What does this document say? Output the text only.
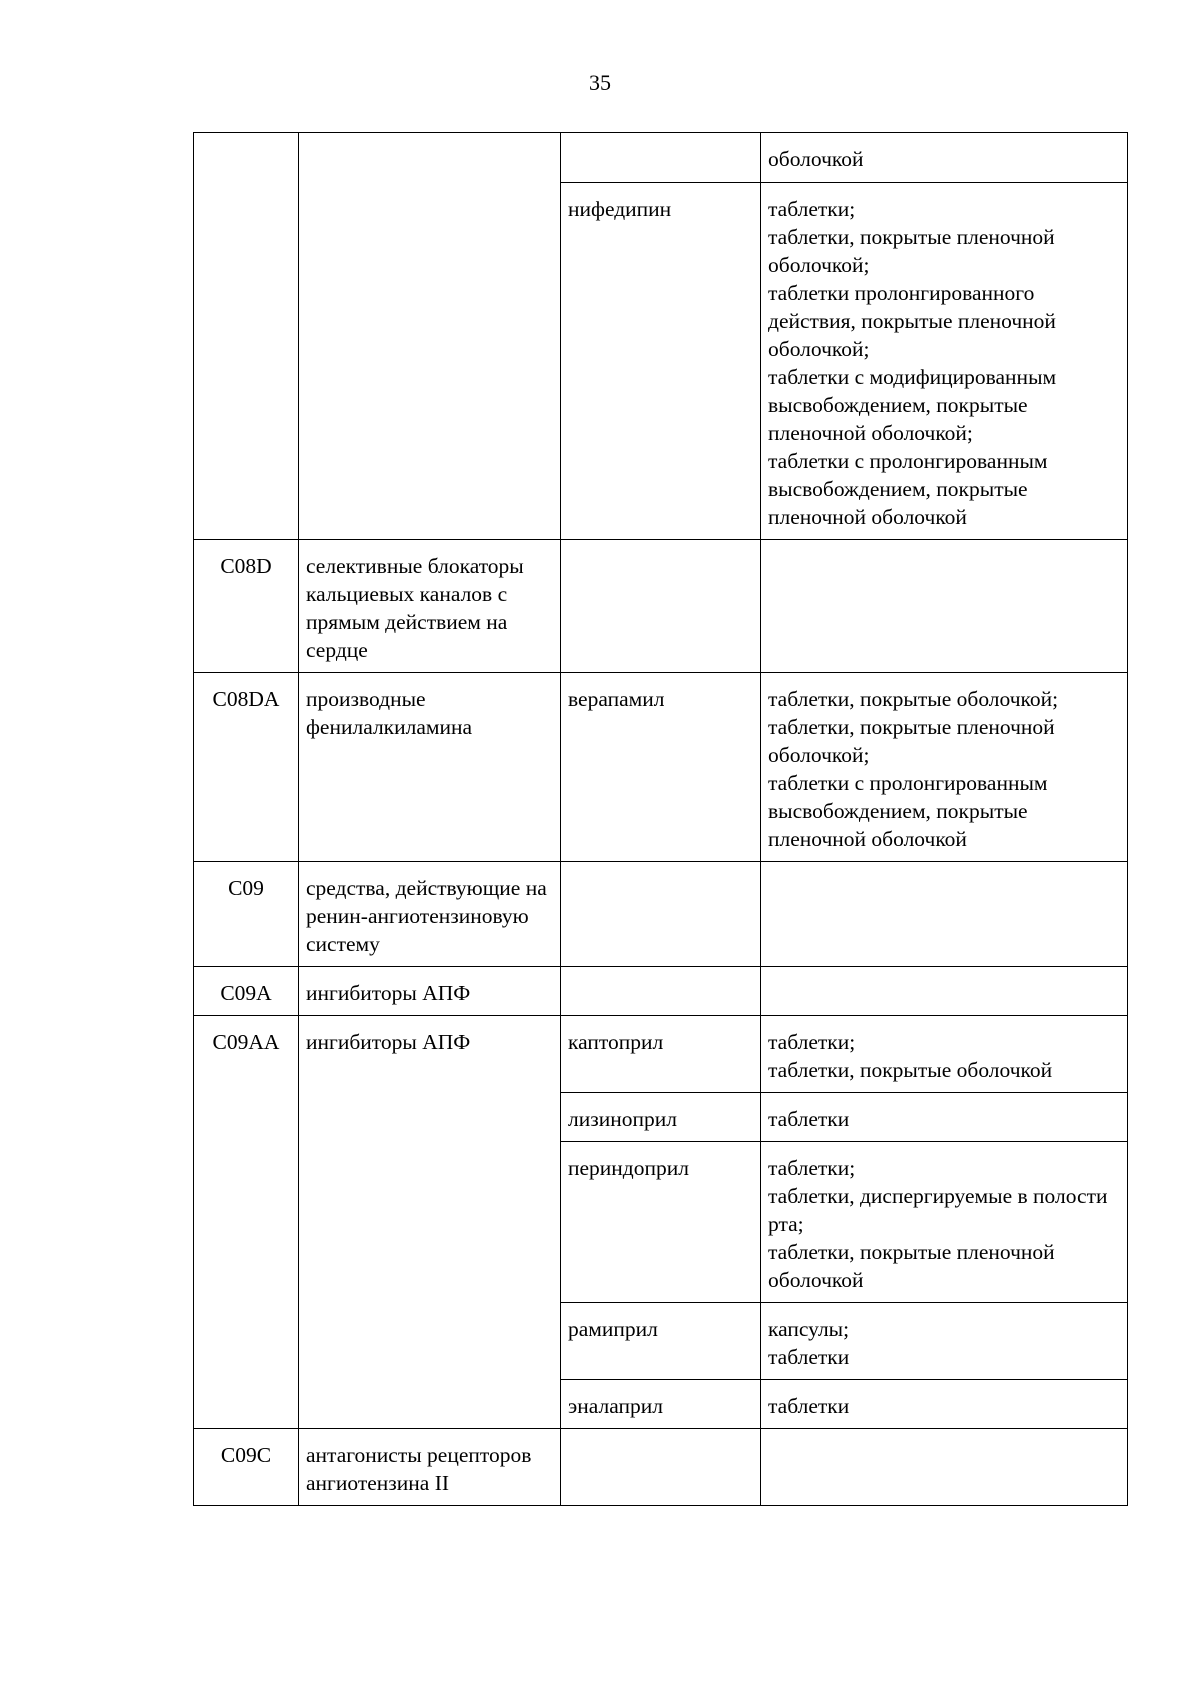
35
			оболочкой
		нифедипин	таблетки;
таблетки, покрытые пленочной оболочкой;
таблетки пролонгированного действия, покрытые пленочной оболочкой;
таблетки с модифицированным высвобождением, покрытые пленочной оболочкой;
таблетки с пролонгированным высвобождением, покрытые пленочной оболочкой
C08D	селективные блокаторы кальциевых каналов с прямым действием на сердце		
C08DA	производные фенилалкиламина	верапамил	таблетки, покрытые оболочкой;
таблетки, покрытые пленочной оболочкой;
таблетки с пролонгированным высвобождением, покрытые пленочной оболочкой
C09	средства, действующие на ренин-ангиотензиновую систему		
C09A	ингибиторы АПФ		
C09AA	ингибиторы АПФ	каптоприл	таблетки;
таблетки, покрытые оболочкой
		лизиноприл	таблетки
		периндоприл	таблетки;
таблетки, диспергируемые в полости рта;
таблетки, покрытые пленочной оболочкой
		рамиприл	капсулы;
таблетки
		эналаприл	таблетки
C09C	антагонисты рецепторов ангиотензина II		
